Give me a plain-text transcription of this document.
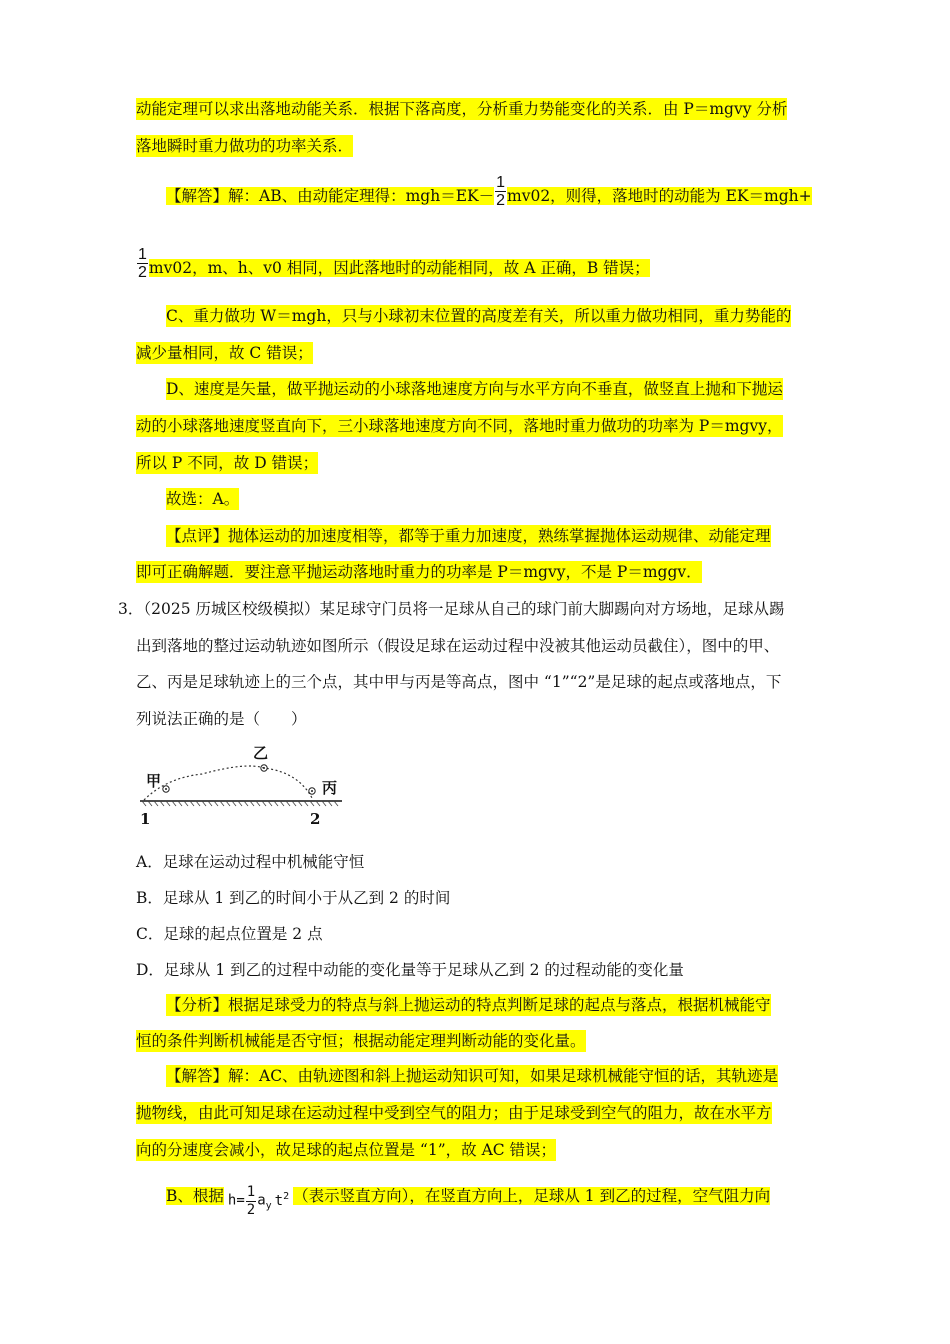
动能定理可以求出落地动能关系．根据下落高度，分析重力势能变化的关系．由 P＝mgvy 分析
落地瞬时重力做功的功率关系．
【解答】解：AB、由动能定理得：$mgh=EK- \frac{1}{2} mv02$，则得，落地时的动能为 EK＝mgh+
$\frac{1}{2} mv02$，m、h、v0 相同，因此落地时的动能相同，故 A 正确，B 错误；
C、重力做功 W＝mgh，只与小球初末位置的高度差有关，所以重力做功相同，重力势能的
减少量相同，故 C 错误；
D、速度是矢量，做平抛运动的小球落地速度方向与水平方向不垂直，做竖直上抛和下抛运
动的小球落地速度竖直向下，三小球落地速度方向不同，落地时重力做功的功率为 P＝mgvy，
所以 P 不同，故 D 错误；
故选：A。
【点评】抛体运动的加速度相等，都等于重力加速度，熟练掌握抛体运动规律、动能定理
即可正确解题．要注意平抛运动落地时重力的功率是 P＝mgvy，不是 P＝mggv．
3．（2025 历城区校级模拟）某足球守门员将一足球从自己的球门前大脚踢向对方场地，足球从踢
出到落地的整过运动轨迹如图所示（假设足球在运动过程中没被其他运动员截住），图中的甲、
乙、丙是足球轨迹上的三个点，其中甲与丙是等高点，图中 “1”“2”是足球的起点或落地点，下
列说法正确的是（　　）
甲
乙
丙
1	2
A．足球在运动过程中机械能守恒
B．足球从 1 到乙的时间小于从乙到 2 的时间
C．足球的起点位置是 2 点
D．足球从 1 到乙的过程中动能的变化量等于足球从乙到 2 的过程动能的变化量
【分析】根据足球受力的特点与斜上抛运动的特点判断足球的起点与落点，根据机械能守
恒的条件判断机械能是否守恒；根据动能定理判断动能的变化量。
【解答】解：AC、由轨迹图和斜上抛运动知识可知，如果足球机械能守恒的话，其轨迹是
抛物线，由此可知足球在运动过程中受到空气的阻力；由于足球受到空气的阻力，故在水平方
向的分速度会减小，故足球的起点位置是 “1”，故 AC 错误；
B、根据 $h= \frac{1}{2} a_y$ $t^2$ （表示竖直方向），在竖直方向上，足球从 1 到乙的过程，空气阻力向
